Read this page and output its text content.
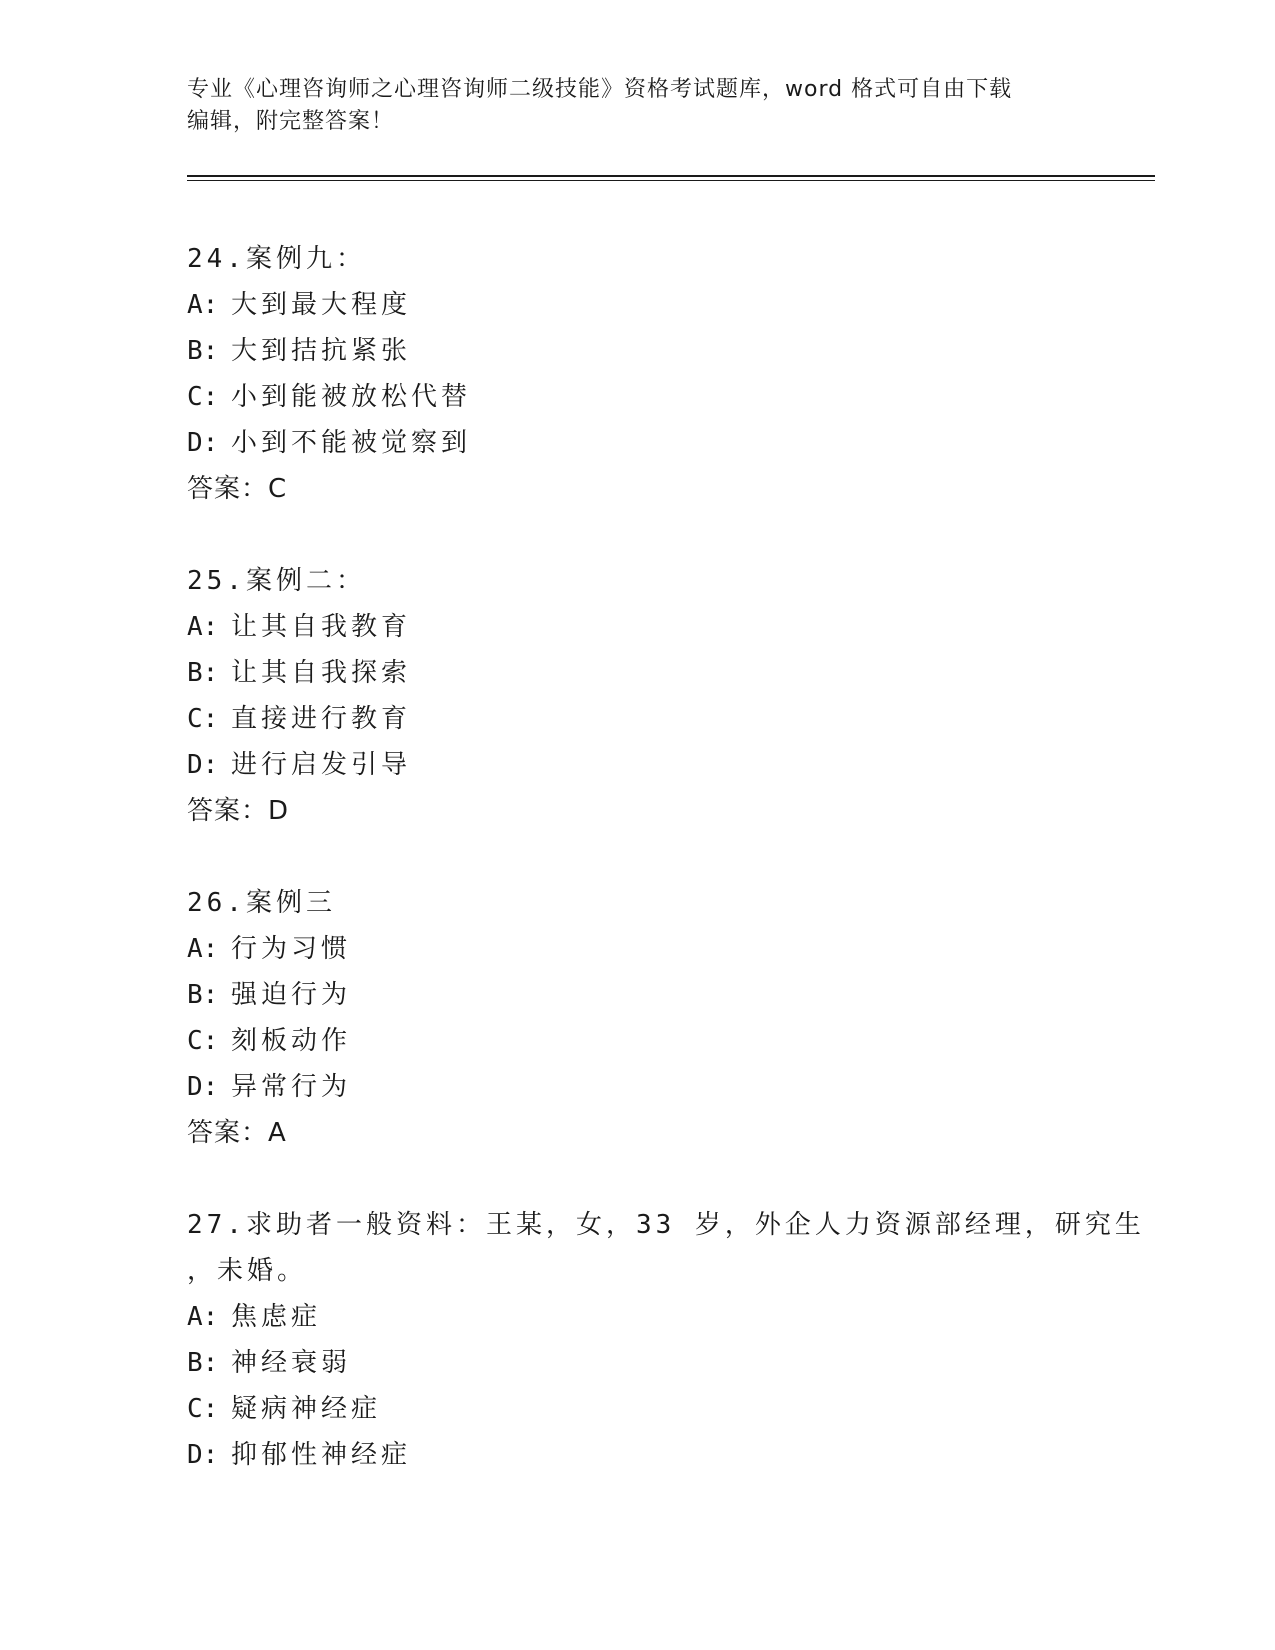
专业《心理咨询师之心理咨询师二级技能》资格考试题库，word 格式可自由下载
编辑，附完整答案！
24.案例九：
A: 大到最大程度
B: 大到拮抗紧张
C: 小到能被放松代替
D: 小到不能被觉察到
答案：C
25.案例二：
A: 让其自我教育
B: 让其自我探索
C: 直接进行教育
D: 进行启发引导
答案：D
26.案例三
A: 行为习惯
B: 强迫行为
C: 刻板动作
D: 异常行为
答案：A
27.求助者一般资料：王某，女，33 岁，外企人力资源部经理，研究生
，未婚。
A: 焦虑症
B: 神经衰弱
C: 疑病神经症
D: 抑郁性神经症
